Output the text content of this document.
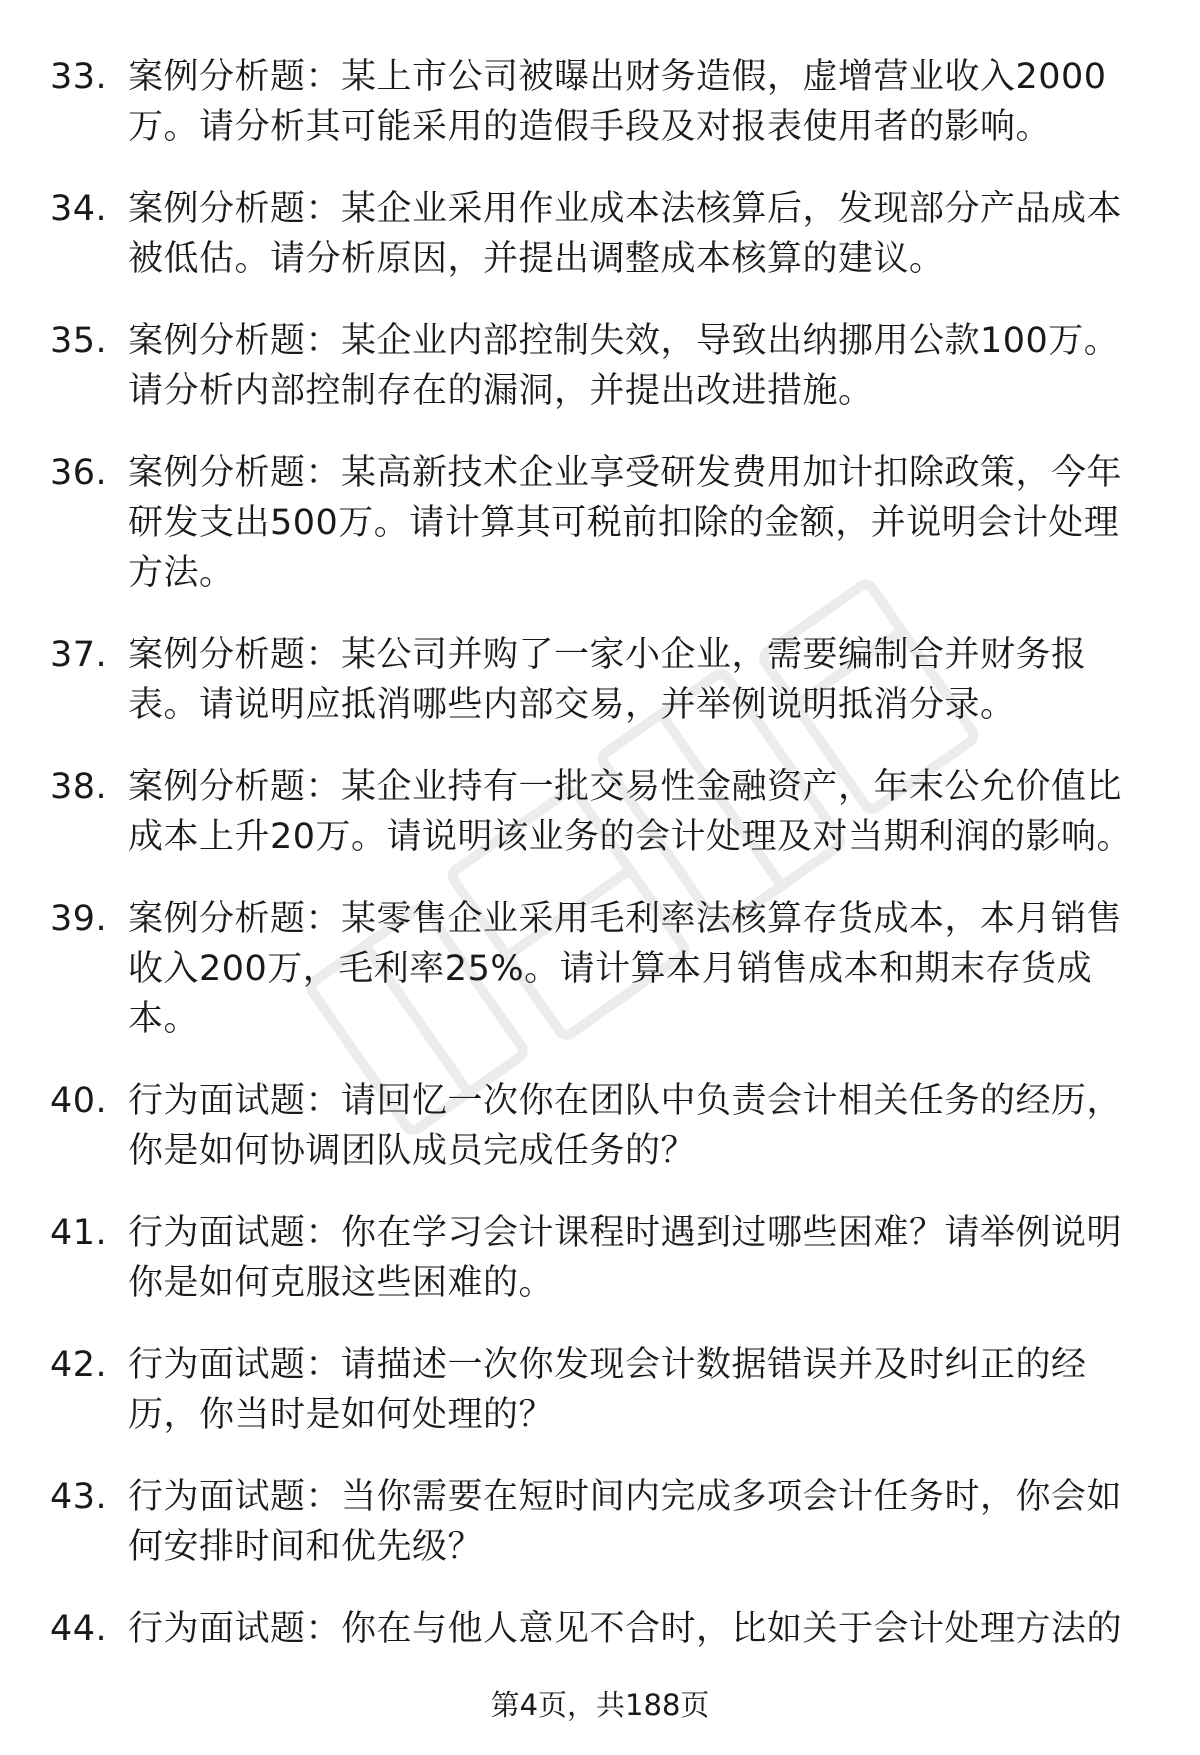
33. 案例分析题：某上市公司被曝出财务造假，虚增营业收入2000万。请分析其可能采用的造假手段及对报表使用者的影响。
34. 案例分析题：某企业采用作业成本法核算后，发现部分产品成本被低估。请分析原因，并提出调整成本核算的建议。
35. 案例分析题：某企业内部控制失效，导致出纳挪用公款100万。请分析内部控制存在的漏洞，并提出改进措施。
36. 案例分析题：某高新技术企业享受研发费用加计扣除政策，今年研发支出500万。请计算其可税前扣除的金额，并说明会计处理方法。
37. 案例分析题：某公司并购了一家小企业，需要编制合并财务报表。请说明应抵消哪些内部交易，并举例说明抵消分录。
38. 案例分析题：某企业持有一批交易性金融资产，年末公允价值比成本上升20万。请说明该业务的会计处理及对当期利润的影响。
39. 案例分析题：某零售企业采用毛利率法核算存货成本，本月销售收入200万，毛利率25%。请计算本月销售成本和期末存货成本。
40. 行为面试题：请回忆一次你在团队中负责会计相关任务的经历，你是如何协调团队成员完成任务的？
41. 行为面试题：你在学习会计课程时遇到过哪些困难？请举例说明你是如何克服这些困难的。
42. 行为面试题：请描述一次你发现会计数据错误并及时纠正的经历，你当时是如何处理的？
43. 行为面试题：当你需要在短时间内完成多项会计任务时，你会如何安排时间和优先级？
44. 行为面试题：你在与他人意见不合时，比如关于会计处理方法的
第4页，共188页
